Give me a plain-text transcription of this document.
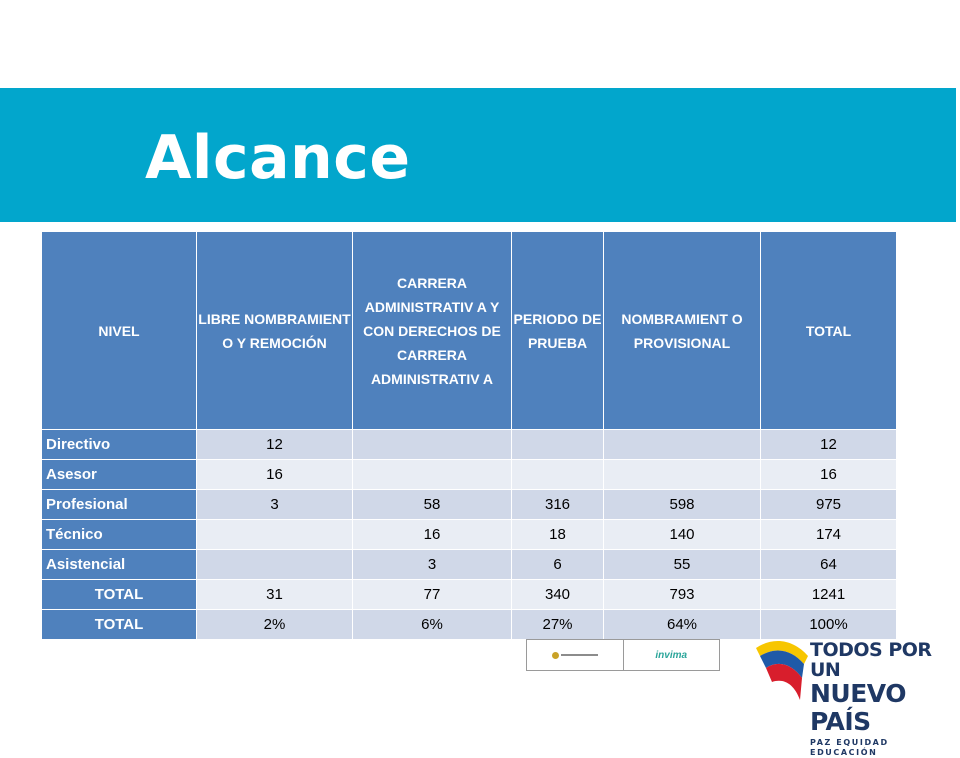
Alcance
NIVEL	LIBRE NOMBRAMIENT O Y REMOCIÓN	CARRERA ADMINISTRATIV A Y CON DERECHOS DE CARRERA ADMINISTRATIV A	PERIODO DE PRUEBA	NOMBRAMIENT O PROVISIONAL	TOTAL
Directivo	12				12
Asesor	16				16
Profesional	3	58	316	598	975
Técnico		16	18	140	174
Asistencial		3	6	55	64
TOTAL	31	77	340	793	1241
TOTAL	2%	6%	27%	64%	100%
invima	TODOS POR UN
NUEVO PAÍS
PAZ EQUIDAD EDUCACIÓN
